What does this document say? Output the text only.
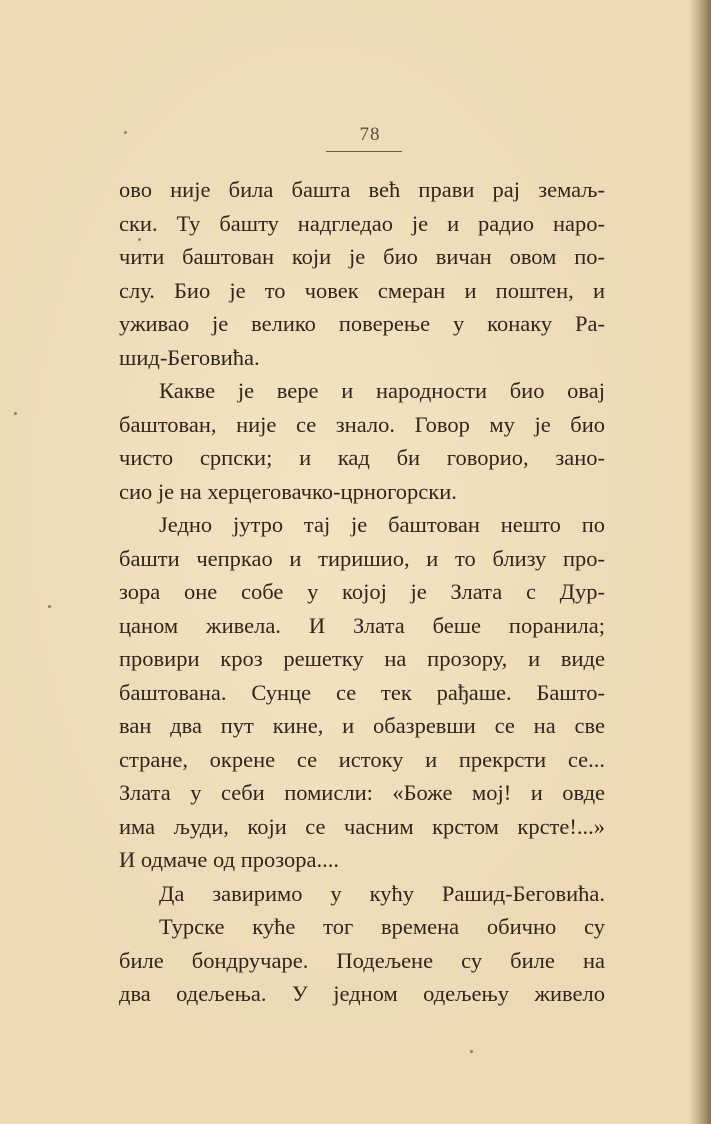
78
ово није била башта већ прави рај земаљ-
ски. Ту башту надгледао је и радио наро-
чити баштован који је био вичан овом по-
слу. Био је то човек смеран и поштен, и
уживао је велико поверење у конаку Ра-
шид-Беговића.
Какве је вере и народности био овај
баштован, није се знало. Говор му је био
чисто српски; и кад би говорио, зано-
сио је на херцеговачко-црногорски.
Једно јутро тај је баштован нешто по
башти чепркао и тиришио, и то близу про-
зора оне собе у којој је Злата с Дур-
цаном живела. И Злата беше поранила;
провири кроз решетку на прозору, и виде
баштована. Сунце се тек рађаше. Башто-
ван два пут кине, и обазревши се на све
стране, окрене се истоку и прекрсти се...
Злата у себи помисли: «Боже мој! и овде
има људи, који се часним крстом крсте!...»
И одмаче од прозора....
Да завиримо у кућу Рашид-Беговића.
Турске куће тог времена обично су
биле бондручаре. Подељене су биле на
два одељења. У једном одељењу живело
